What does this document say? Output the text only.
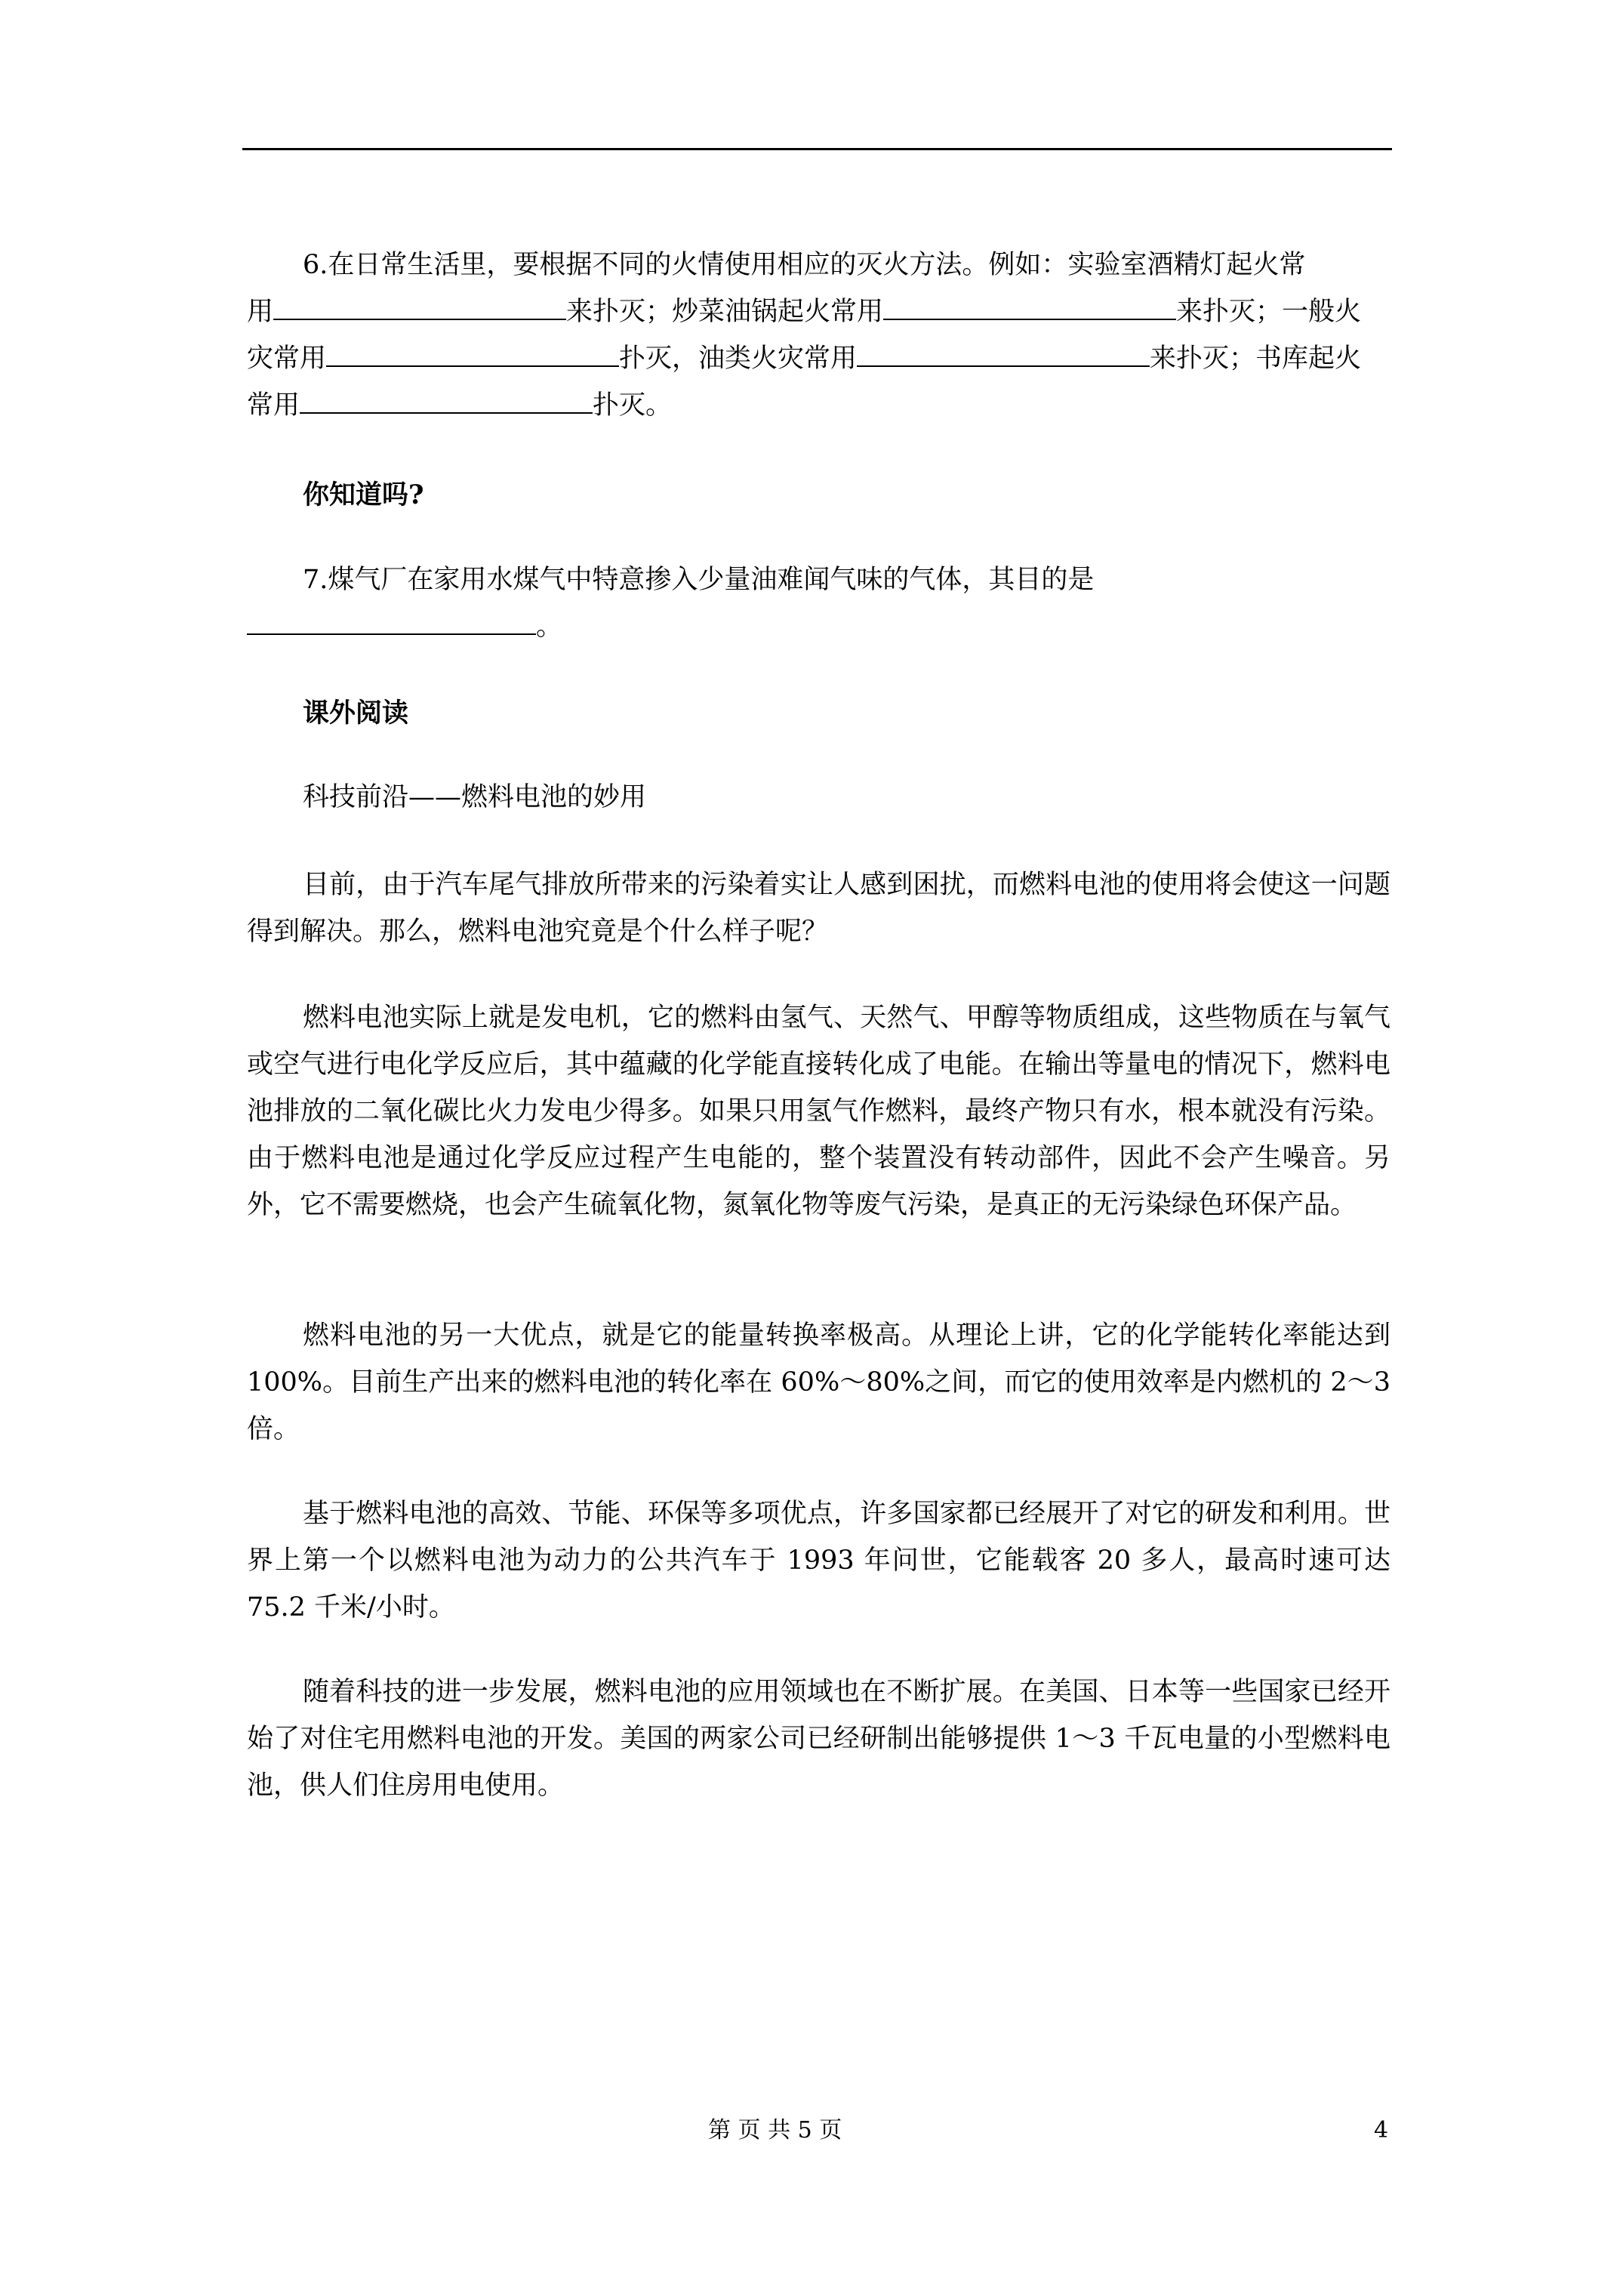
6.在日常生活里，要根据不同的火情使用相应的灭火方法。例如：实验室酒精灯起火常
用	来扑灭；炒菜油锅起火常用	来扑灭；一般火
灾常用	扑灭，油类火灾常用	来扑灭；书库起火
常用	扑灭。

你知道吗?

7.煤气厂在家用水煤气中特意掺入少量油难闻气味的气体，其目的是
。

课外阅读

科技前沿——燃料电池的妙用

目前，由于汽车尾气排放所带来的污染着实让人感到困扰，而燃料电池的使用将会使这一问题得到解决。那么，燃料电池究竟是个什么样子呢？

燃料电池实际上就是发电机，它的燃料由氢气、天然气、甲醇等物质组成，这些物质在与氧气或空气进行电化学反应后，其中蕴藏的化学能直接转化成了电能。在输出等量电的情况下，燃料电池排放的二氧化碳比火力发电少得多。如果只用氢气作燃料，最终产物只有水，根本就没有污染。由于燃料电池是通过化学反应过程产生电能的，整个装置没有转动部件，因此不会产生噪音。另外，它不需要燃烧，也会产生硫氧化物，氮氧化物等废气污染，是真正的无污染绿色环保产品。

燃料电池的另一大优点，就是它的能量转换率极高。从理论上讲，它的化学能转化率能达到 100%。目前生产出来的燃料电池的转化率在 60%～80%之间，而它的使用效率是内燃机的 2～3 倍。

基于燃料电池的高效、节能、环保等多项优点，许多国家都已经展开了对它的研发和利用。世界上第一个以燃料电池为动力的公共汽车于 1993 年问世，它能载客 20 多人，最高时速可达 75.2 千米/小时。

随着科技的进一步发展，燃料电池的应用领域也在不断扩展。在美国、日本等一些国家已经开始了对住宅用燃料电池的开发。美国的两家公司已经研制出能够提供 1～3 千瓦电量的小型燃料电池，供人们住房用电使用。

第 页 共 5 页	4
